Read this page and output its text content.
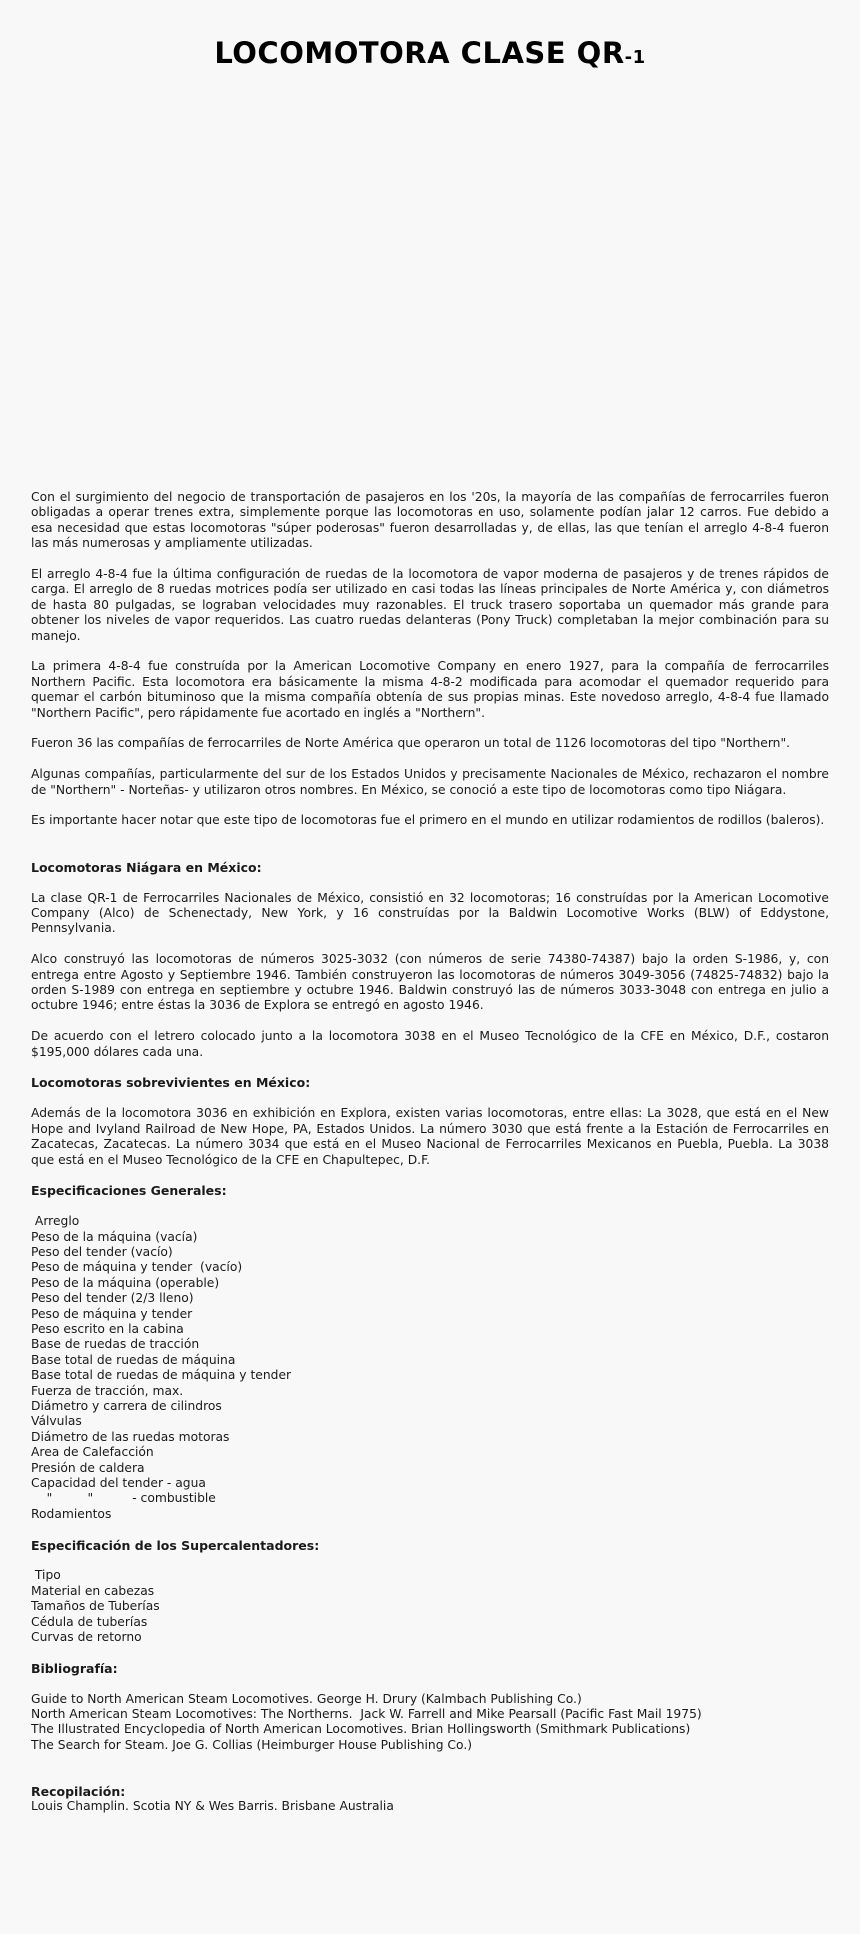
LOCOMOTORA CLASE QR-1

Con el surgimiento del negocio de transportación de pasajeros en los '20s, la mayoría de las compañías de ferrocarriles fueron obligadas a operar trenes extra, simplemente porque las locomotoras en uso, solamente podían jalar 12 carros. Fue debido a esa necesidad que estas locomotoras "súper poderosas" fueron desarrolladas y, de ellas, las que tenían el arreglo 4-8-4 fueron las más numerosas y ampliamente utilizadas.

El arreglo 4-8-4 fue la última configuración de ruedas de la locomotora de vapor moderna de pasajeros y de trenes rápidos de carga. El arreglo de 8 ruedas motrices podía ser utilizado en casi todas las líneas principales de Norte América y, con diámetros de hasta 80 pulgadas, se lograban velocidades muy razonables. El truck trasero soportaba un quemador más grande para obtener los niveles de vapor requeridos. Las cuatro ruedas delanteras (Pony Truck) completaban la mejor combinación para su manejo.

La primera 4-8-4 fue construída por la American Locomotive Company en enero 1927, para la compañía de ferrocarriles Northern Pacific. Esta locomotora era básicamente la misma 4-8-2 modificada para acomodar el quemador requerido para quemar el carbón bituminoso que la misma compañía obtenía de sus propias minas. Este novedoso arreglo, 4-8-4 fue llamado "Northern Pacific", pero rápidamente fue acortado en inglés a "Northern".

Fueron 36 las compañías de ferrocarriles de Norte América que operaron un total de 1126 locomotoras del tipo "Northern".

Algunas compañías, particularmente del sur de los Estados Unidos y precisamente Nacionales de México, rechazaron el nombre de "Northern" - Norteñas- y utilizaron otros nombres. En México, se conoció a este tipo de locomotoras como tipo Niágara.

Es importante hacer notar que este tipo de locomotoras fue el primero en el mundo en utilizar rodamientos de rodillos (baleros).

Locomotoras Niágara en México:

La clase QR-1 de Ferrocarriles Nacionales de México, consistió en 32 locomotoras; 16 construídas por la American Locomotive Company (Alco) de Schenectady, New York, y 16 construídas por la Baldwin Locomotive Works (BLW) of Eddystone, Pennsylvania.

Alco construyó las locomotoras de números 3025-3032 (con números de serie 74380-74387) bajo la orden S-1986, y, con entrega entre Agosto y Septiembre 1946. También construyeron las locomotoras de números 3049-3056 (74825-74832) bajo la orden S-1989 con entrega en septiembre y octubre 1946. Baldwin construyó las de números 3033-3048 con entrega en julio a octubre 1946; entre éstas la 3036 de Explora se entregó en agosto 1946.

De acuerdo con el letrero colocado junto a la locomotora 3038 en el Museo Tecnológico de la CFE en México, D.F., costaron $195,000 dólares cada una.

Locomotoras sobrevivientes en México:

Además de la locomotora 3036 en exhibición en Explora, existen varias locomotoras, entre ellas: La 3028, que está en el New Hope and Ivyland Railroad de New Hope, PA, Estados Unidos. La número 3030 que está frente a la Estación de Ferrocarriles en Zacatecas, Zacatecas. La número 3034 que está en el Museo Nacional de Ferrocarriles Mexicanos en Puebla, Puebla. La 3038 que está en el Museo Tecnológico de la CFE en Chapultepec, D.F.

Especificaciones Generales:
Arreglo
Peso de la máquina (vacía)
Peso del tender (vacío)
Peso de máquina y tender  (vacío)
Peso de la máquina (operable)
Peso del tender (2/3 lleno)
Peso de máquina y tender
Peso escrito en la cabina
Base de ruedas de tracción
Base total de ruedas de máquina
Base total de ruedas de máquina y tender
Fuerza de tracción, max.
Diámetro y carrera de cilindros
Válvulas
Diámetro de las ruedas motoras
Area de Calefacción
Presión de caldera
Capacidad del tender - agua
"         "          - combustible
Rodamientos
Especificación de los Supercalentadores:
Tipo
Material en cabezas
Tamaños de Tuberías
Cédula de tuberías
Curvas de retorno
Bibliografía:
Guide to North American Steam Locomotives. George H. Drury (Kalmbach Publishing Co.)
North American Steam Locomotives: The Northerns.  Jack W. Farrell and Mike Pearsall (Pacific Fast Mail 1975)
The Illustrated Encyclopedia of North American Locomotives. Brian Hollingsworth (Smithmark Publications)
The Search for Steam. Joe G. Collias (Heimburger House Publishing Co.)
Recopilación:

Louis Champlin. Scotia NY & Wes Barris. Brisbane Australia
